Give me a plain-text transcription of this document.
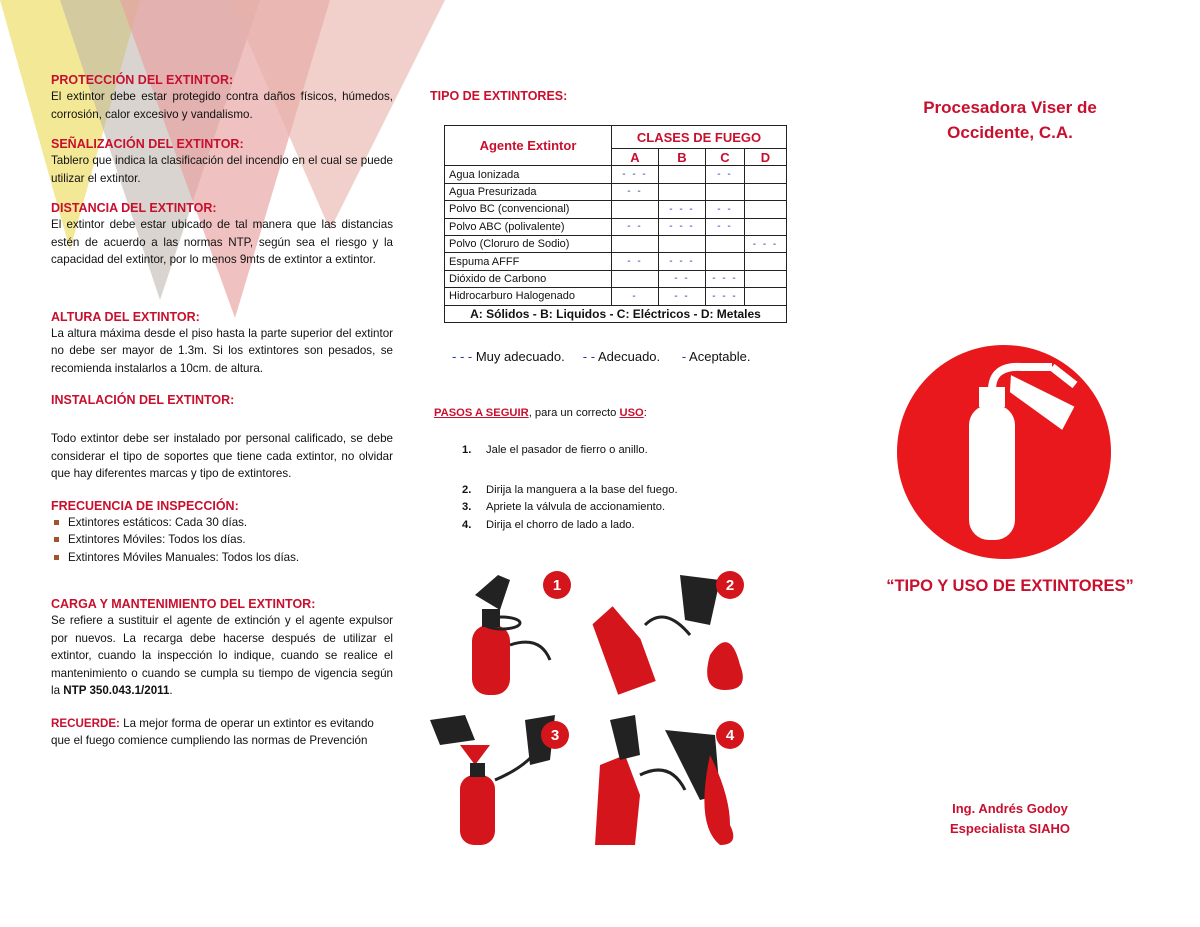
PROTECCIÓN DEL EXTINTOR:

El extintor debe estar protegido contra daños físicos, húmedos, corrosión, calor excesivo y vandalismo.

SEÑALIZACIÓN DEL EXTINTOR:

Tablero que indica la clasificación del incendio en el cual se puede utilizar el extintor.

DISTANCIA DEL EXTINTOR:

El extintor debe estar ubicado de tal manera que las distancias estén de acuerdo a las normas NTP, según sea el riesgo y la capacidad del extintor, por lo menos 9mts de extintor a extintor.

ALTURA DEL EXTINTOR:

La altura máxima desde el piso hasta la parte superior del extintor no debe ser mayor de 1.3m. Si los extintores son pesados, se recomienda instalarlos a 10cm. de altura.

INSTALACIÓN DEL EXTINTOR:

Todo extintor debe ser instalado por personal calificado, se debe considerar el tipo de soportes que tiene cada extintor, no olvidar que hay diferentes marcas y tipo de extintores.

FRECUENCIA DE INSPECCIÓN:

Extintores estáticos: Cada 30 días.
Extintores Móviles: Todos los días.
Extintores Móviles Manuales: Todos los días.

CARGA Y MANTENIMIENTO DEL EXTINTOR:

Se refiere a sustituir el agente de extinción y el agente expulsor por nuevos. La recarga debe hacerse después de utilizar el extintor, cuando la inspección lo indique, cuando se realice el mantenimiento o cuando se cumpla su tiempo de vigencia según la NTP 350.043.1/2011.

RECUERDE: La mejor forma de operar un extintor es evitando que el fuego comience cumpliendo las normas de Prevención

TIPO DE EXTINTORES:

Agente Extintor	CLASES DE FUEGO			
	A	B	C	D
Agua Ionizada	- - -		- -	
Agua Presurizada	- -			
Polvo BC (convencional)		- - -	- -	
Polvo ABC (polivalente)	- -	- - -	- -	
Polvo (Cloruro de Sodio)				- - -
Espuma AFFF	- -	- - -		
Dióxido de Carbono		- -	- - -	
Hidrocarburo Halogenado	-	- -	- - -	
A: Sólidos - B: Liquidos - C: Eléctricos - D: Metales				
- - - Muy adecuado. - - Adecuado. - Aceptable.
PASOS A SEGUIR, para un correcto USO:
1. Jale el pasador de fierro o anillo.
2. Dirija la manguera a la base del fuego.
3. Apriete la válvula de accionamiento.
4. Dirija el chorro de lado a lado.
1	2
3	4
Procesadora Viser de
Occidente, C.A.
“TIPO Y USO DE EXTINTORES”
Ing. Andrés Godoy
Especialista SIAHO
